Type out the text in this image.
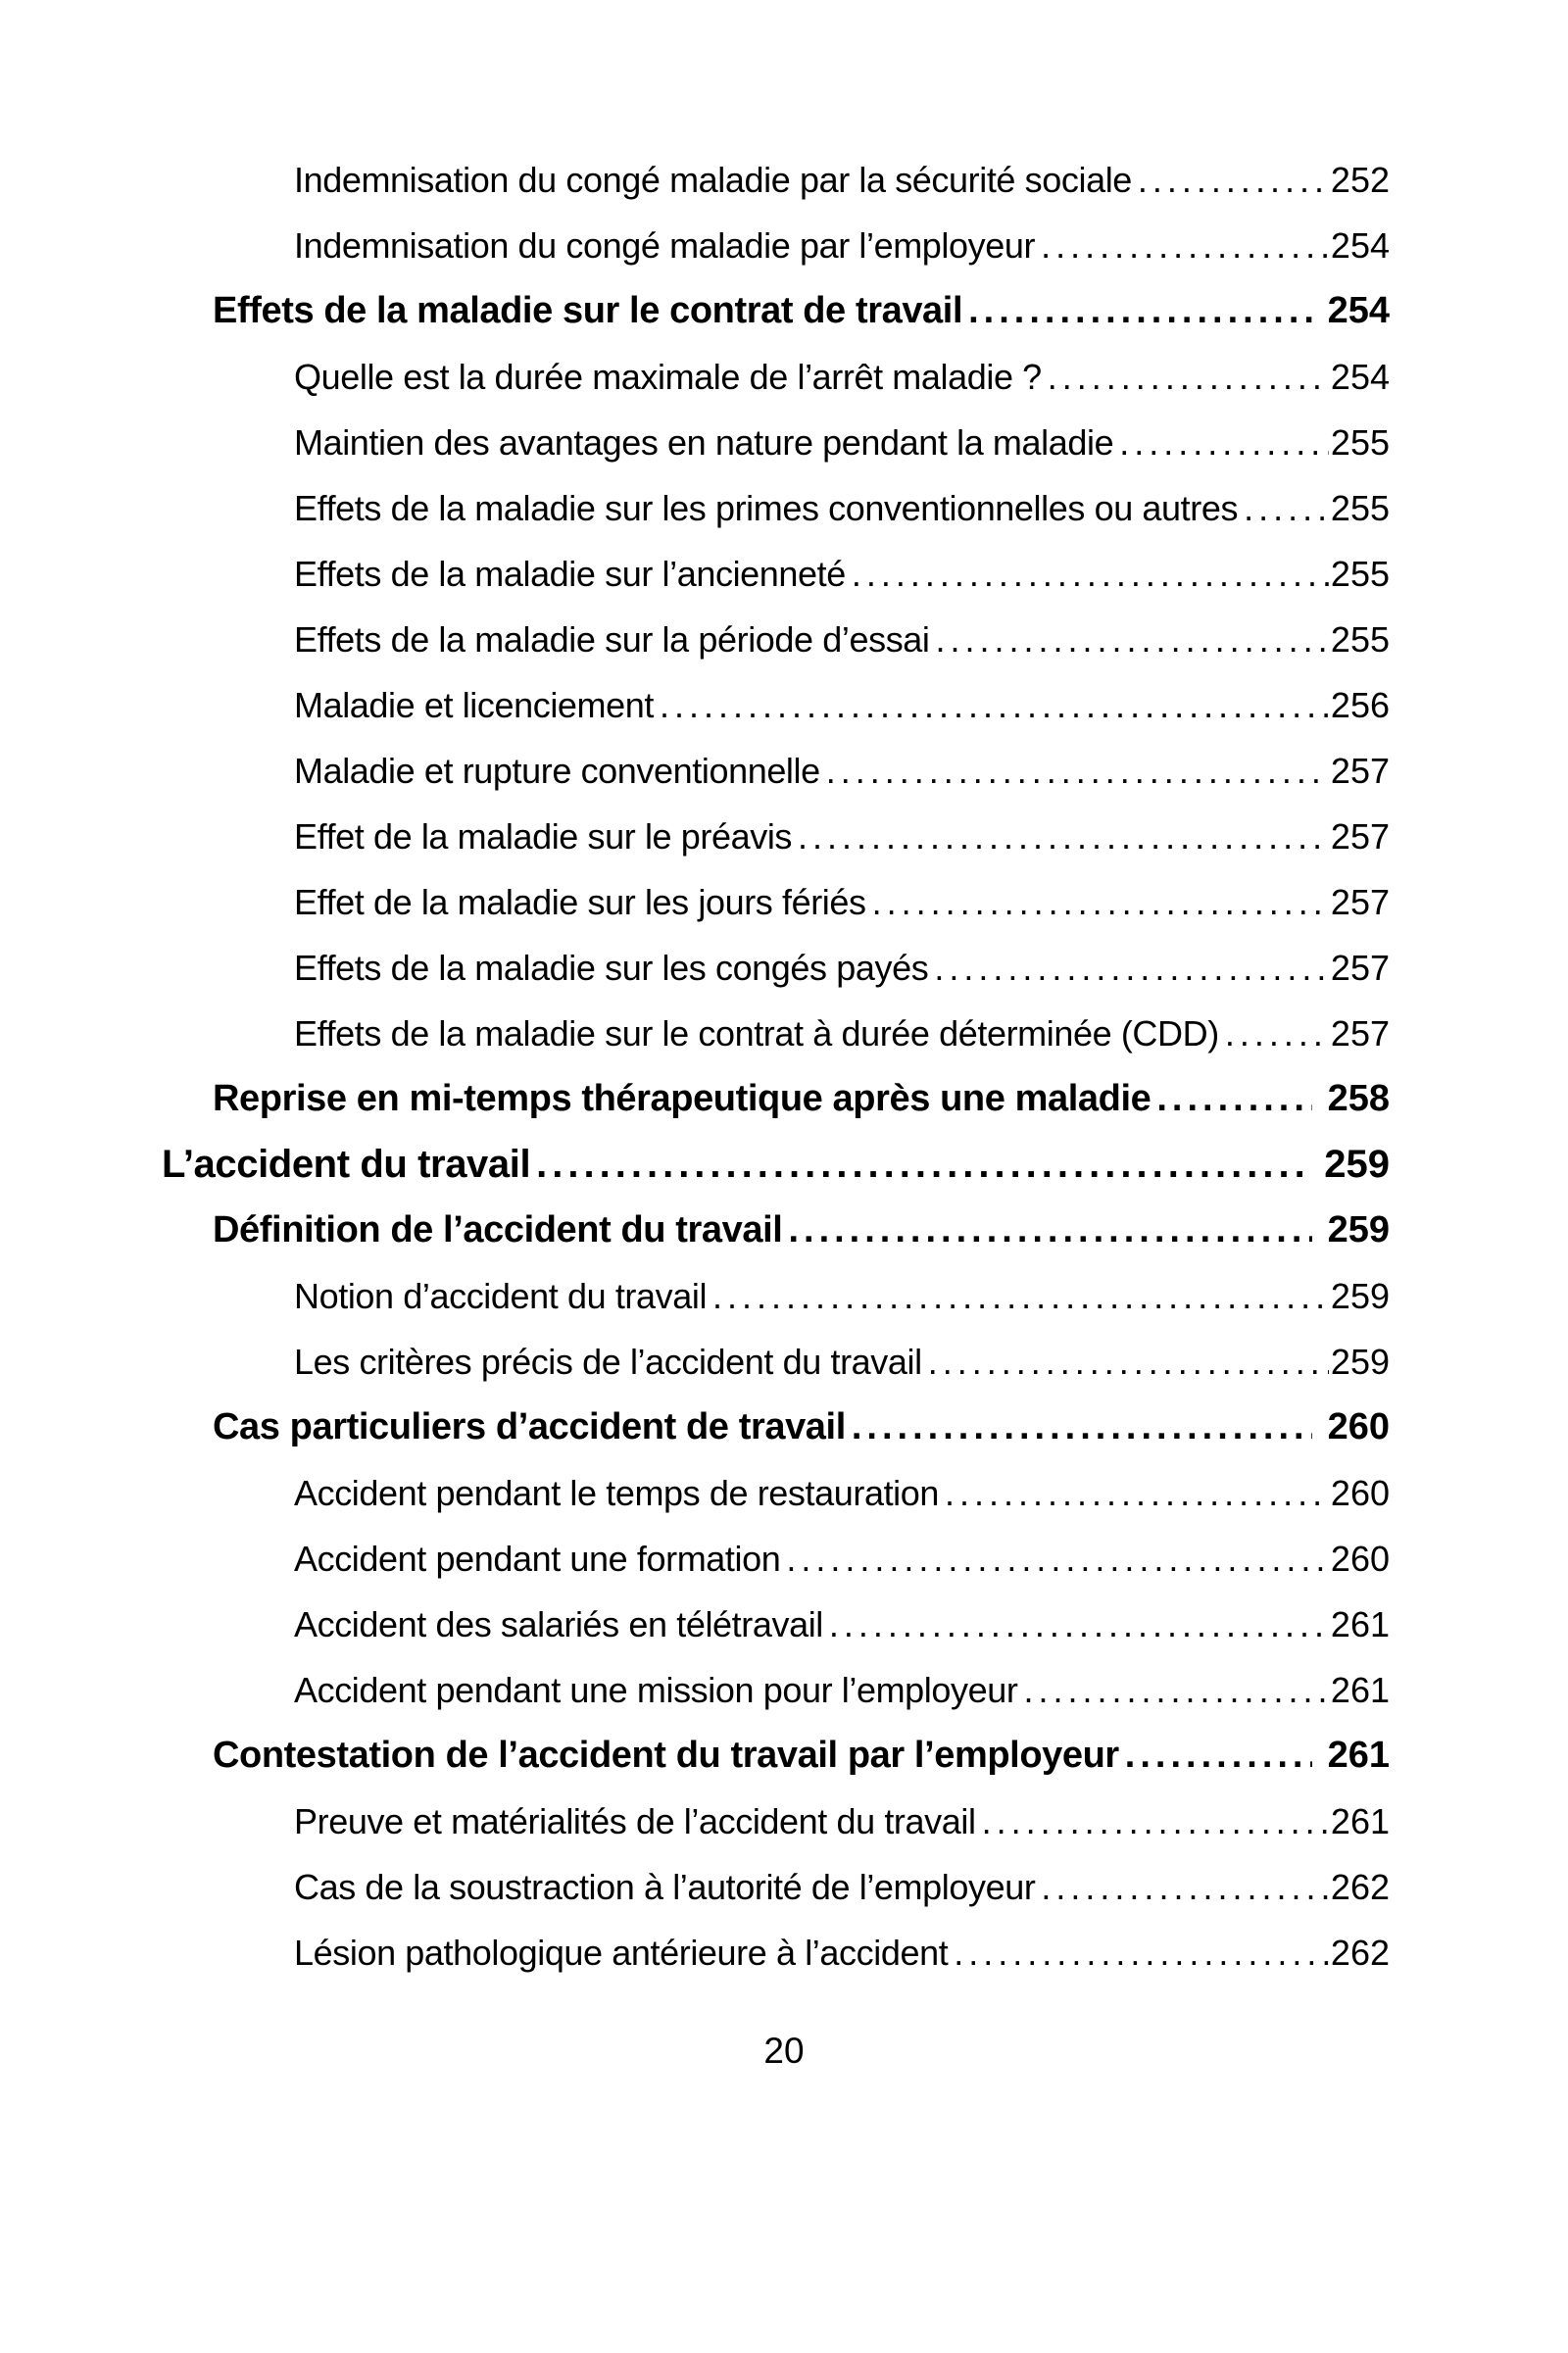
Indemnisation du congé maladie par la sécurité sociale .....	252
Indemnisation du congé maladie par l’employeur .....	254
Effets de la maladie sur le contrat de travail .....	254
Quelle est la durée maximale de l’arrêt maladie ? .....	254
Maintien des avantages en nature pendant la maladie .....	255
Effets de la maladie sur les primes conventionnelles ou autres .....	255
Effets de la maladie sur l’ancienneté .....	255
Effets de la maladie sur la période d’essai .....	255
Maladie et licenciement .....	256
Maladie et rupture conventionnelle .....	257
Effet de la maladie sur le préavis .....	257
Effet de la maladie sur les jours fériés .....	257
Effets de la maladie sur les congés payés .....	257
Effets de la maladie sur le contrat à durée déterminée (CDD) .....	257
Reprise en mi-temps thérapeutique après une maladie .....	258
L’accident du travail .....	259
Définition de l’accident du travail .....	259
Notion d’accident du travail .....	259
Les critères précis de l’accident du travail .....	259
Cas particuliers d’accident de travail .....	260
Accident pendant le temps de restauration .....	260
Accident pendant une formation .....	260
Accident des salariés en télétravail .....	261
Accident pendant une mission pour l’employeur .....	261
Contestation de l’accident du travail par l’employeur .....	261
Preuve et matérialités de l’accident du travail .....	261
Cas de la soustraction à l’autorité de l’employeur .....	262
Lésion pathologique antérieure à l’accident .....	262
20
